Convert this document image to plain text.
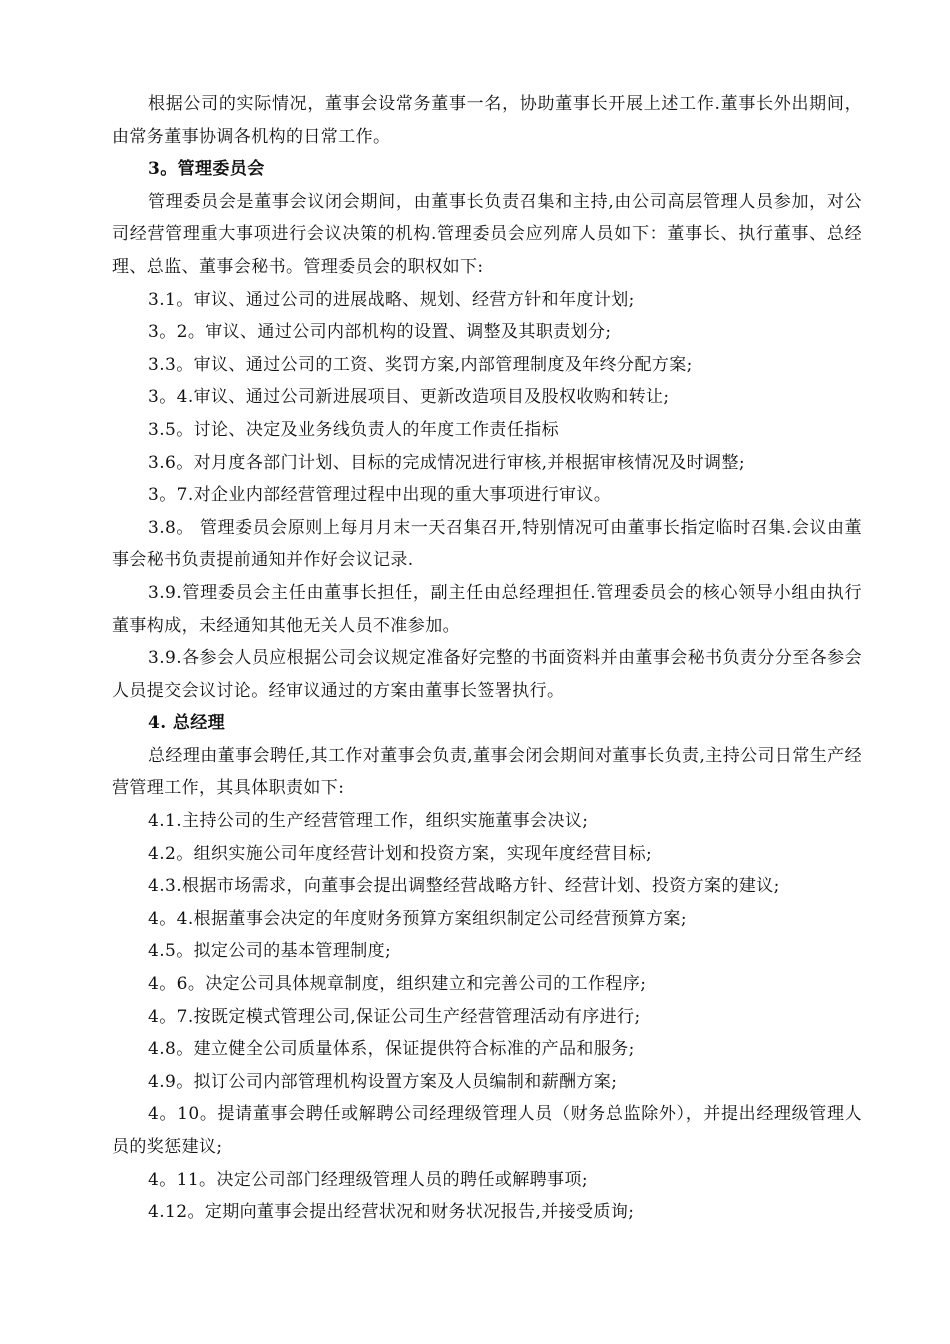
根据公司的实际情况，董事会设常务董事一名，协助董事长开展上述工作.董事长外出期间，由常务董事协调各机构的日常工作。

3。管理委员会

管理委员会是董事会议闭会期间，由董事长负责召集和主持,由公司高层管理人员参加，对公司经营管理重大事项进行会议决策的机构.管理委员会应列席人员如下：董事长、执行董事、总经理、总监、董事会秘书。管理委员会的职权如下:

3.1。审议、通过公司的进展战略、规划、经营方针和年度计划;

3。2。审议、通过公司内部机构的设置、调整及其职责划分;

3.3。审议、通过公司的工资、奖罚方案,内部管理制度及年终分配方案;

3。4.审议、通过公司新进展项目、更新改造项目及股权收购和转让;

3.5。讨论、决定及业务线负责人的年度工作责任指标

3.6。对月度各部门计划、目标的完成情况进行审核,并根据审核情况及时调整;

3。7.对企业内部经营管理过程中出现的重大事项进行审议。

3.8。 管理委员会原则上每月月末一天召集召开,特别情况可由董事长指定临时召集.会议由董事会秘书负责提前通知并作好会议记录.

3.9.管理委员会主任由董事长担任，副主任由总经理担任.管理委员会的核心领导小组由执行董事构成，未经通知其他无关人员不准参加。

3.9.各参会人员应根据公司会议规定准备好完整的书面资料并由董事会秘书负责分分至各参会人员提交会议讨论。经审议通过的方案由董事长签署执行。

4. 总经理

总经理由董事会聘任,其工作对董事会负责,董事会闭会期间对董事长负责,主持公司日常生产经营管理工作，其具体职责如下:

4.1.主持公司的生产经营管理工作，组织实施董事会决议;

4.2。组织实施公司年度经营计划和投资方案，实现年度经营目标;

4.3.根据市场需求，向董事会提出调整经营战略方针、经营计划、投资方案的建议;

4。4.根据董事会决定的年度财务预算方案组织制定公司经营预算方案;

4.5。拟定公司的基本管理制度;

4。6。决定公司具体规章制度，组织建立和完善公司的工作程序;

4。7.按既定模式管理公司,保证公司生产经营管理活动有序进行;

4.8。建立健全公司质量体系，保证提供符合标准的产品和服务;

4.9。拟订公司内部管理机构设置方案及人员编制和薪酬方案;

4。10。提请董事会聘任或解聘公司经理级管理人员（财务总监除外），并提出经理级管理人员的奖惩建议;

4。11。决定公司部门经理级管理人员的聘任或解聘事项;

4.12。定期向董事会提出经营状况和财务状况报告,并接受质询;
